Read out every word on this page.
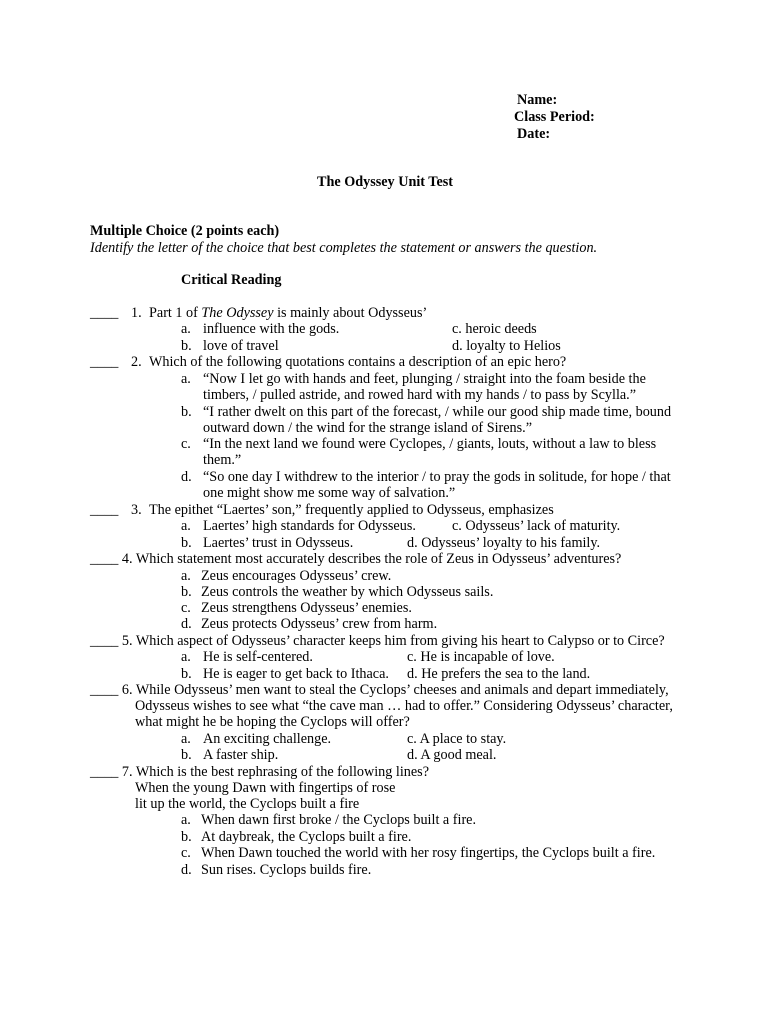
Name:
Class Period:
Date:
The Odyssey Unit Test
Multiple Choice (2 points each)
Identify the letter of the choice that best completes the statement or answers the question.
Critical Reading
____ 1. Part 1 of The Odyssey is mainly about Odysseus’
a. influence with the gods.	c. heroic deeds
b. love of travel	d. loyalty to Helios
____ 2. Which of the following quotations contains a description of an epic hero?
a. “Now I let go with hands and feet, plunging / straight into the foam beside the
timbers, / pulled astride, and rowed hard with my hands / to pass by Scylla.”
b. “I rather dwelt on this part of the forecast, / while our good ship made time, bound
outward down / the wind for the strange island of Sirens.”
c. “In the next land we found were Cyclopes, / giants, louts, without a law to bless
them.”
d. “So one day I withdrew to the interior / to pray the gods in solitude, for hope / that
one might show me some way of salvation.”
____ 3. The epithet “Laertes’ son,” frequently applied to Odysseus, emphasizes
a. Laertes’ high standards for Odysseus.	c. Odysseus’ lack of maturity.
b. Laertes’ trust in Odysseus.	d. Odysseus’ loyalty to his family.
____ 4. Which statement most accurately describes the role of Zeus in Odysseus’ adventures?
a. Zeus encourages Odysseus’ crew.
b. Zeus controls the weather by which Odysseus sails.
c. Zeus strengthens Odysseus’ enemies.
d. Zeus protects Odysseus’ crew from harm.
____ 5. Which aspect of Odysseus’ character keeps him from giving his heart to Calypso or to Circe?
a. He is self-centered.	c. He is incapable of love.
b. He is eager to get back to Ithaca. d. He prefers the sea to the land.
____ 6. While Odysseus’ men want to steal the Cyclops’ cheeses and animals and depart immediately,
Odysseus wishes to see what “the cave man … had to offer.” Considering Odysseus’ character,
what might he be hoping the Cyclops will offer?
a. An exciting challenge.	c. A place to stay.
b. A faster ship.	d. A good meal.
____ 7. Which is the best rephrasing of the following lines?
When the young Dawn with fingertips of rose
lit up the world, the Cyclops built a fire
a. When dawn first broke / the Cyclops built a fire.
b. At daybreak, the Cyclops built a fire.
c. When Dawn touched the world with her rosy fingertips, the Cyclops built a fire.
d. Sun rises. Cyclops builds fire.
